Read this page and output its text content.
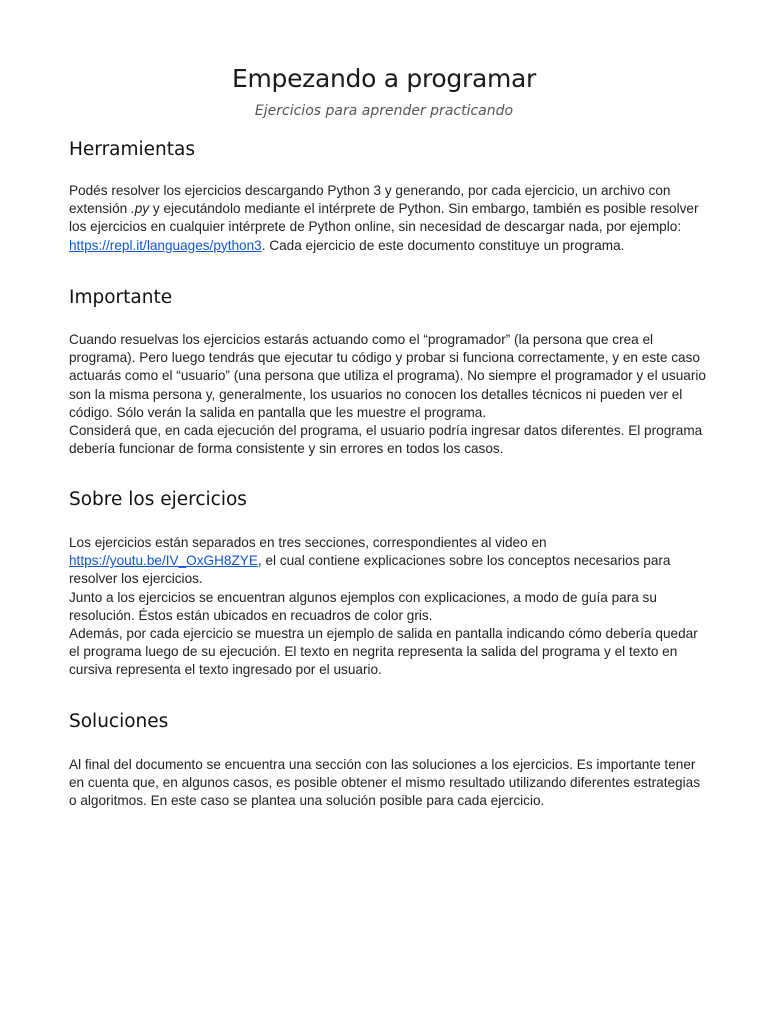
Empezando a programar
Ejercicios para aprender practicando
Herramientas

Podés resolver los ejercicios descargando Python 3 y generando, por cada ejercicio, un archivo con extensión .py y ejecutándolo mediante el intérprete de Python. Sin embargo, también es posible resolver los ejercicios en cualquier intérprete de Python online, sin necesidad de descargar nada, por ejemplo: https://repl.it/languages/python3. Cada ejercicio de este documento constituye un programa.

Importante

Cuando resuelvas los ejercicios estarás actuando como el “programador” (la persona que crea el programa). Pero luego tendrás que ejecutar tu código y probar si funciona correctamente, y en este caso actuarás como el “usuario” (una persona que utiliza el programa). No siempre el programador y el usuario son la misma persona y, generalmente, los usuarios no conocen los detalles técnicos ni pueden ver el código. Sólo verán la salida en pantalla que les muestre el programa.

Considerá que, en cada ejecución del programa, el usuario podría ingresar datos diferentes. El programa debería funcionar de forma consistente y sin errores en todos los casos.

Sobre los ejercicios

Los ejercicios están separados en tres secciones, correspondientes al video en https://youtu.be/IV_OxGH8ZYE, el cual contiene explicaciones sobre los conceptos necesarios para resolver los ejercicios.

Junto a los ejercicios se encuentran algunos ejemplos con explicaciones, a modo de guía para su resolución. Éstos están ubicados en recuadros de color gris.

Además, por cada ejercicio se muestra un ejemplo de salida en pantalla indicando cómo debería quedar el programa luego de su ejecución. El texto en negrita representa la salida del programa y el texto en cursiva representa el texto ingresado por el usuario.

Soluciones

Al final del documento se encuentra una sección con las soluciones a los ejercicios. Es importante tener en cuenta que, en algunos casos, es posible obtener el mismo resultado utilizando diferentes estrategias o algoritmos. En este caso se plantea una solución posible para cada ejercicio.
